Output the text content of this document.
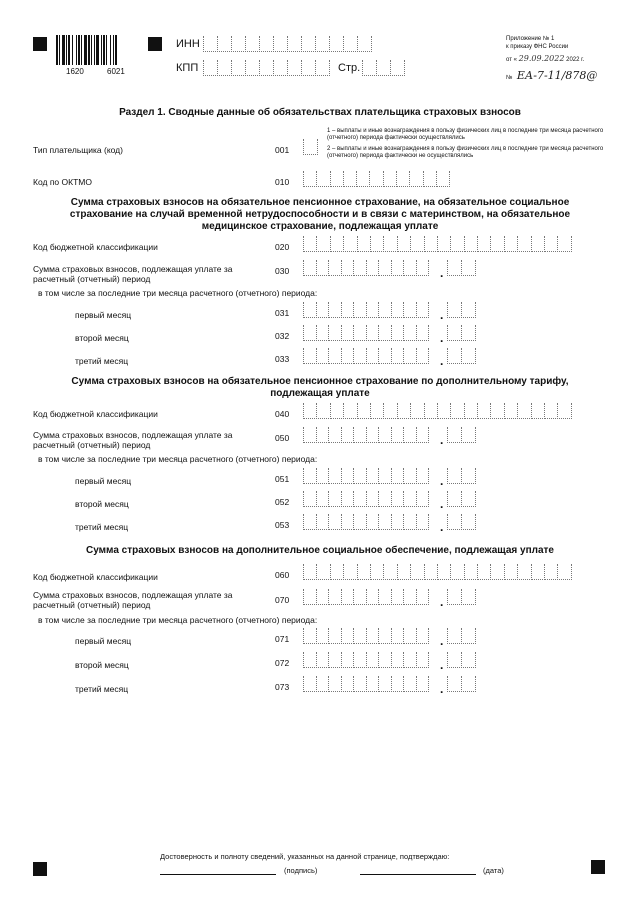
1620	6021
ИНН
КПП	Стр.
Приложение № 1
к приказу ФНС России
от « 29.09.2022 2022 г.
№ ЕА-7-11/878@
Раздел 1. Сводные данные об обязательствах плательщика страховых взносов
Тип плательщика (код)	001
1 – выплаты и иные вознаграждения в пользу физических лиц в последние три месяца расчетного (отчетного) периода фактически осуществлялись
2 – выплаты и иные вознаграждения в пользу физических лиц в последние три месяца расчетного (отчетного) периода фактически не осуществлялись
Код по ОКТМО	010
Сумма страховых взносов на обязательное пенсионное страхование, на обязательное социальное страхование на случай временной нетрудоспособности и в связи с материнством, на обязательное медицинское страхование, подлежащая уплате
Код бюджетной классификации	020
Сумма страховых взносов, подлежащая уплате за расчетный (отчетный) период
030	.
в том числе за последние три месяца расчетного (отчетного) периода:
первый месяц	031	.
второй месяц	032	.
третий месяц	033	.
Сумма страховых взносов на обязательное пенсионное страхование по дополнительному тарифу, подлежащая уплате
Код бюджетной классификации	040
Сумма страховых взносов, подлежащая уплате за расчетный (отчетный) период
050	.
в том числе за последние три месяца расчетного (отчетного) периода:
первый месяц	051	.
второй месяц	052	.
третий месяц	053	.
Сумма страховых взносов на дополнительное социальное обеспечение, подлежащая уплате
Код бюджетной классификации	060
Сумма страховых взносов, подлежащая уплате за расчетный (отчетный) период	070	.
в том числе за последние три месяца расчетного (отчетного) периода:
первый месяц	071	.
второй месяц	072	.
третий месяц	073	.
Достоверность и полноту сведений, указанных на данной странице, подтверждаю:
(подпись)	(дата)
